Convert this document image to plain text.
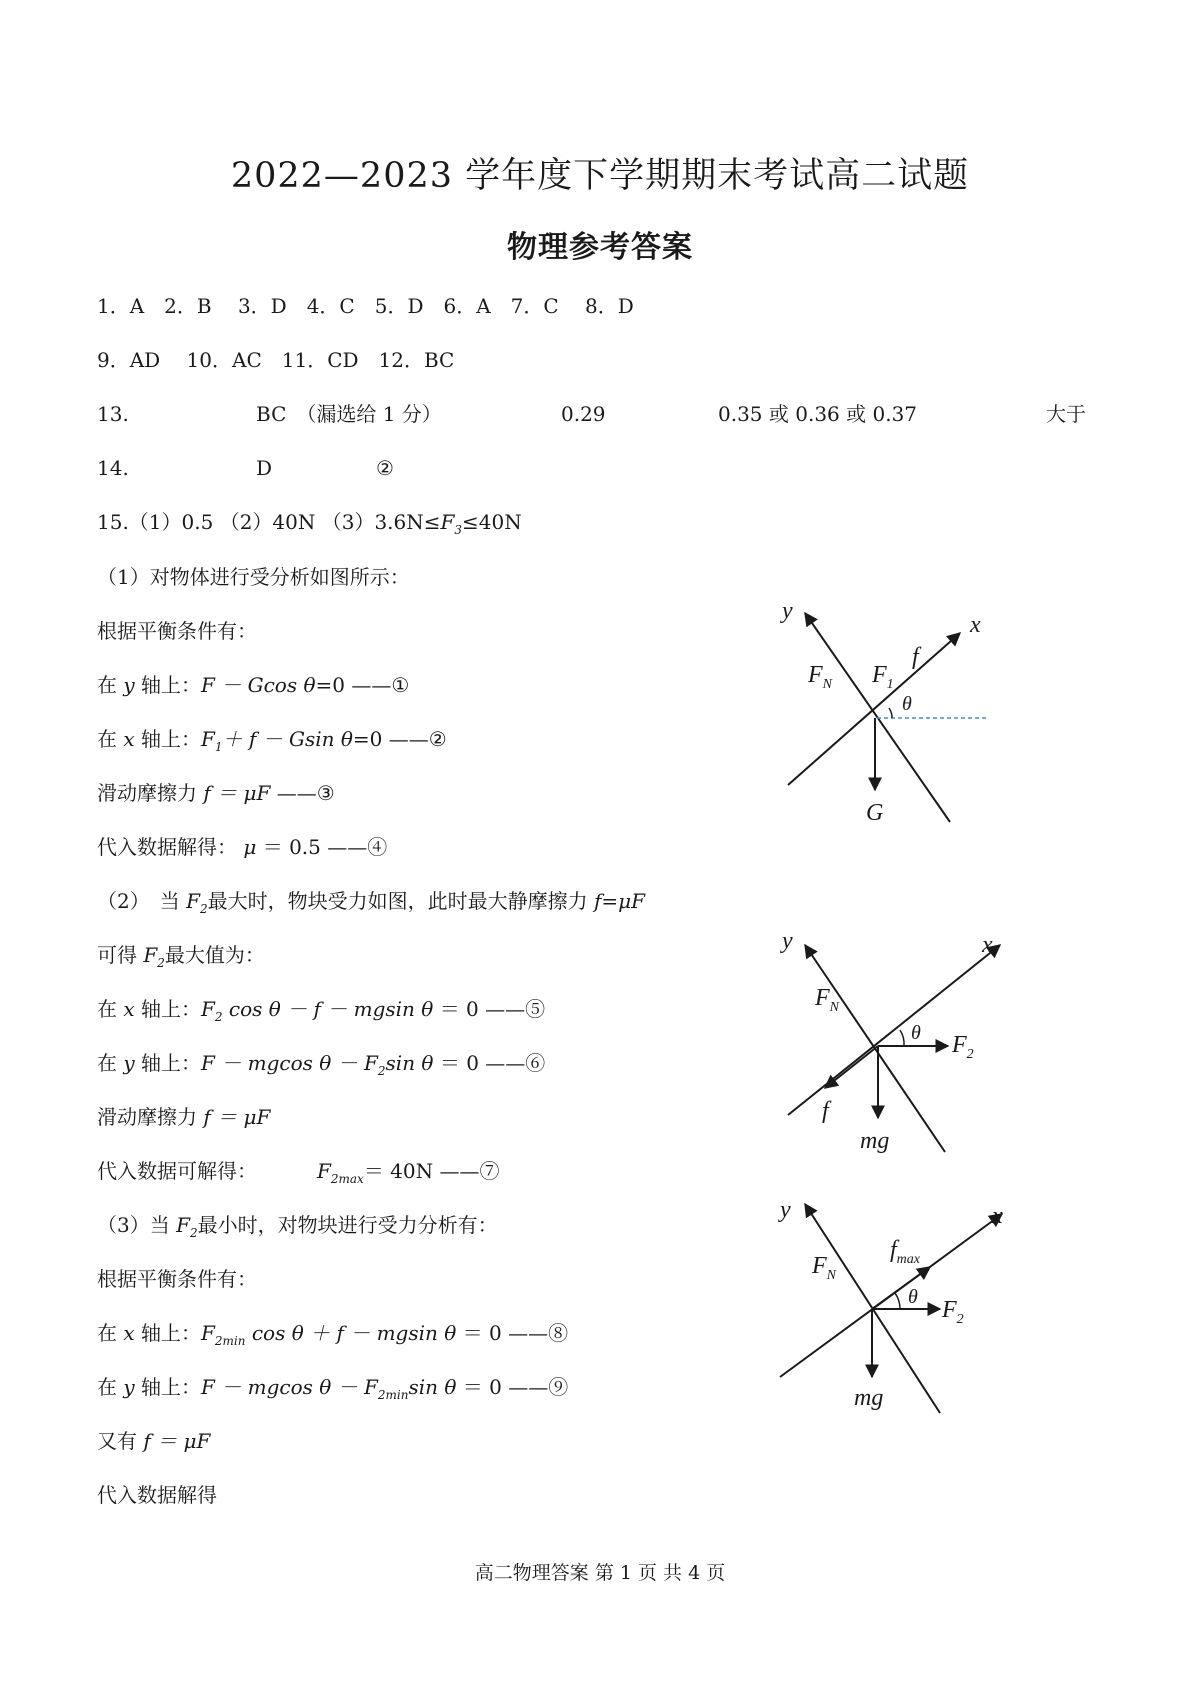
2022—2023 学年度下学期期末考试高二试题
物理参考答案
1．A　2．B　 3．D　4．C　5．D　6．A　7．C　 8．D
9．AD　 10．AC　11．CD　12．BC
13.	BC　（漏选给 1 分）	0.29	0.35 或 0.36 或 0.37	大于
14.	D	②
15.（1）0.5 （2）40N $(3)3.6N\le F_3\le 40N$
（1）对物体进行受分析如图所示：
根据平衡条件有：
在 y 轴上：F － Gcos θ=0 ——①
在 x 轴上：$F_1+ f - Gsin$ θ=0 ——②
滑动摩擦力 f ＝ μF ——③
代入数据解得： μ ＝ 0.5 ——④
（2）　当 $F_2$最大时，物块受力如图，此时最大静摩擦力 f=μF
可得 $F_2$最大值为：
在 x 轴上：$F_2$ cos θ － f － mgsin θ ＝ 0 ——⑤
在 y 轴上：F － mgcos $\theta - F_2\sin$ θ ＝ 0 ——⑥
滑动摩擦力 f ＝ μF
代入数据可解得：	$F_{2max}= 40N$ ——⑦
（3）当 $F_2$最小时，对物块进行受力分析有：
根据平衡条件有：
在 x 轴上：$F_{2min}$ cos θ ＋ f － mgsin θ ＝ 0 ——⑧
在 y 轴上：F － mgcos $\theta - F_{2min}\sin$ θ ＝ 0 ——⑨
又有 f ＝ μF
代入数据解得
y
x
$F_N$ $F_1$
f
θ
G
y	x
$F_N$
θ $F_2$
f
mg
y	x
$F_N$
$f_{max}$
θ $F_2$
mg
高二物理答案 第 1 页 共 4 页
